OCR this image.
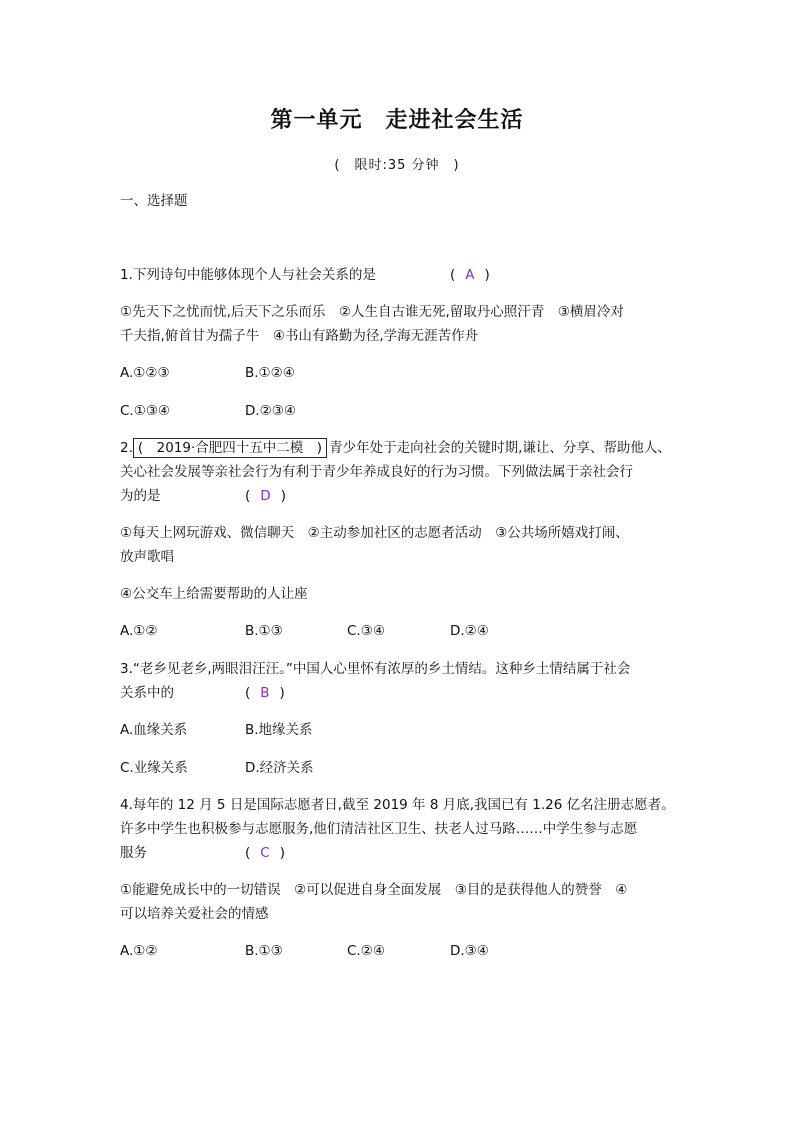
第一单元　走进社会生活
(　限时:35 分钟　)
一、选择题
1.下列诗句中能够体现个人与社会关系的是	( A )
①先天下之忧而忧,后天下之乐而乐　②人生自古谁无死,留取丹心照汗青　③横眉冷对
千夫指,俯首甘为孺子牛　④书山有路勤为径,学海无涯苦作舟
A.①②③	B.①②④
C.①③④	D.②③④
2. (　2019·合肥四十五中二模　) 青少年处于走向社会的关键时期,谦让、分享、帮助他人、
关心社会发展等亲社会行为有利于青少年养成良好的行为习惯。下列做法属于亲社会行
为的是	( D )
①每天上网玩游戏、微信聊天　②主动参加社区的志愿者活动　③公共场所嬉戏打闹、
放声歌唱
④公交车上给需要帮助的人让座
A.①②	B.①③	C.③④	D.②④
3.“老乡见老乡,两眼泪汪汪。”中国人心里怀有浓厚的乡土情结。这种乡土情结属于社会
关系中的	( B )
A.血缘关系	B.地缘关系
C.业缘关系	D.经济关系
4.每年的 12 月 5 日是国际志愿者日,截至 2019 年 8 月底,我国已有 1.26 亿名注册志愿者。
许多中学生也积极参与志愿服务,他们清洁社区卫生、扶老人过马路……中学生参与志愿
服务	( C )
①能避免成长中的一切错误　②可以促进自身全面发展　③目的是获得他人的赞誉　④
可以培养关爱社会的情感
A.①②	B.①③	C.②④	D.③④
